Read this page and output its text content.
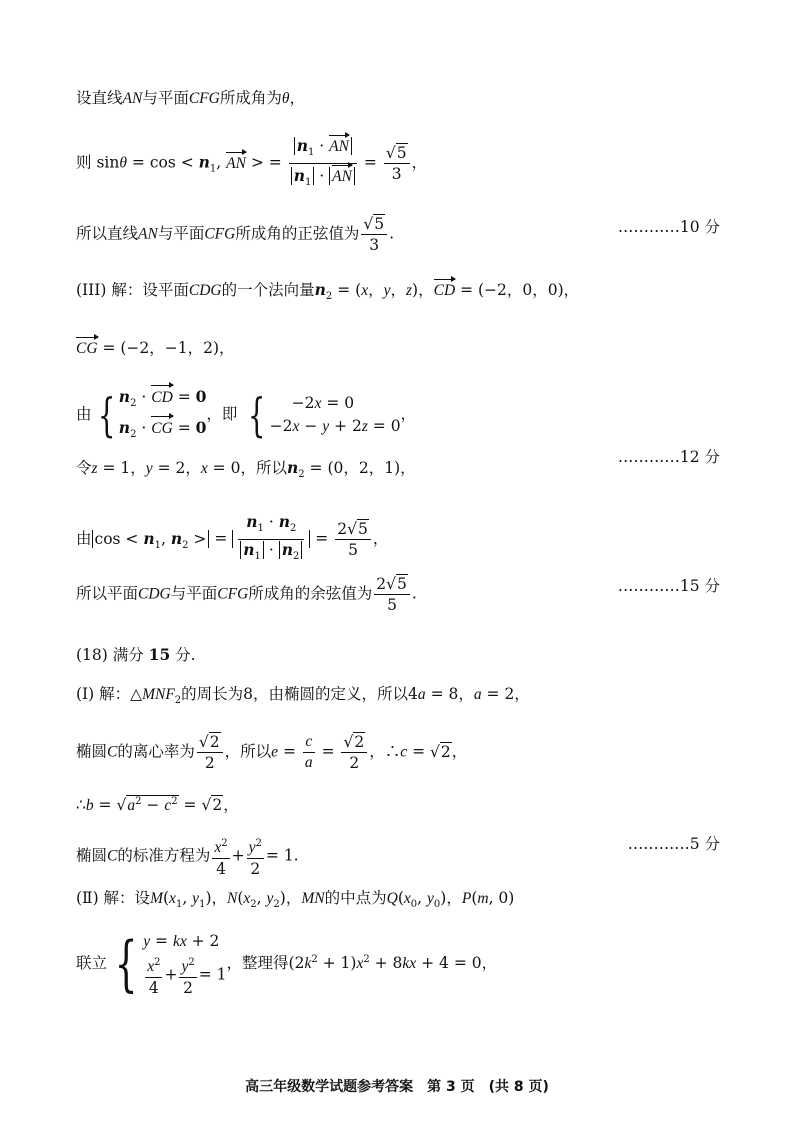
设直线AN与平面CFG所成角为θ，
则 $\sin\theta = \cos < n_1$, AN > = $\frac{n_1 \cdot AN}{n_1 \cdot AN} = \frac{√5}{3}$ ，
所以直线AN与平面CFG所成角的正弦值为 $\frac{√5}{3}$ .	…………10 分
(III) 解：设平面CDG的一个法向量$n_2 = (x$，y，z)，CD = (−2，0，0)，
CG = (−2，−1，2)，
由 { $n_2$ · CD = 0
$n_2$ · CG = 0
，即 {	−2x = 0
−2x − y + 2z = 0
，
令z = 1，y = 2，x = 0，所以$n_2 = (0$，2，1)，
…………12 分
由 $\cos < n_1$, $n_2$ > = $\frac{n_1 \cdot n_2}{n_1 \cdot n_2} = \frac{2√5}{5}$ ，
所以平面CDG与平面CFG所成角的余弦值为 $\frac{2√5}{5}$ .	…………15 分
(18) 满分 15 分.
(Ⅰ) 解：$\triangle MNF_2$的周长为8，由椭圆的定义，所以4a = 8，a = 2，
椭圆C的离心率为 $\frac{√2}{2}$ ，所以$e = \frac{c}{a} = \frac{√2}{2}$ ，∴c = √2，
∴b = $√a^2 - c^2 = √2$，
椭圆C的标准方程为 $\frac{x^2}{4} + \frac{y^2}{2} = 1$.
…………5 分
(Ⅱ) 解：设$M(x_1$, $y_1$)，$N(x_2$, $y_2$)，MN的中点为$Q(x_0$, $y_0$)，P(m, 0)
联立 { y = kx + 2
$\frac{x^2}{4} + \frac{y^2}{2} = 1$
，整理得$(2k^2 + 1)x^2 + 8kx + 4 = 0$，
高三年级数学试题参考答案　第 3 页　(共 8 页)
